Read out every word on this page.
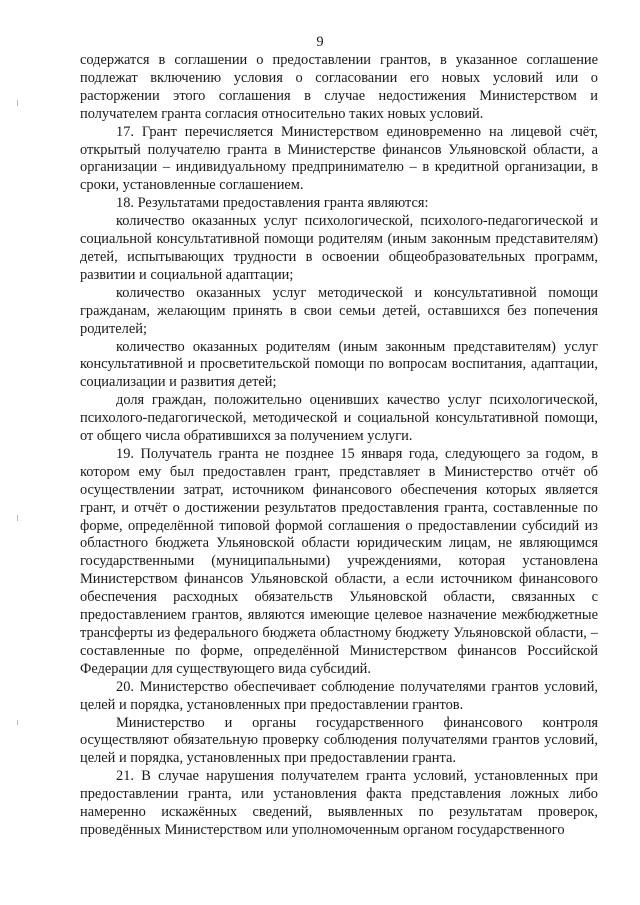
9

содержатся в соглашении о предоставлении грантов, в указанное соглашение подлежат включению условия о согласовании его новых условий или о расторжении этого соглашения в случае недостижения Министерством и получателем гранта согласия относительно таких новых условий.

17. Грант перечисляется Министерством единовременно на лицевой счёт, открытый получателю гранта в Министерстве финансов Ульяновской области, а организации – индивидуальному предпринимателю – в кредитной организации, в сроки, установленные соглашением.

18. Результатами предоставления гранта являются:

количество оказанных услуг психологической, психолого-педагогической и социальной консультативной помощи родителям (иным законным представителям) детей, испытывающих трудности в освоении общеобразовательных программ, развитии и социальной адаптации;

количество оказанных услуг методической и консультативной помощи гражданам, желающим принять в свои семьи детей, оставшихся без попечения родителей;

количество оказанных родителям (иным законным представителям) услуг консультативной и просветительской помощи по вопросам воспитания, адаптации, социализации и развития детей;

доля граждан, положительно оценивших качество услуг психологической, психолого-педагогической, методической и социальной консультативной помощи, от общего числа обратившихся за получением услуги.

19. Получатель гранта не позднее 15 января года, следующего за годом, в котором ему был предоставлен грант, представляет в Министерство отчёт об осуществлении затрат, источником финансового обеспечения которых является грант, и отчёт о достижении результатов предоставления гранта, составленные по форме, определённой типовой формой соглашения о предоставлении субсидий из областного бюджета Ульяновской области юридическим лицам, не являющимся государственными (муниципальными) учреждениями, которая установлена Министерством финансов Ульяновской области, а если источником финансового обеспечения расходных обязательств Ульяновской области, связанных с предоставлением грантов, являются имеющие целевое назначение межбюджетные трансферты из федерального бюджета областному бюджету Ульяновской области, – составленные по форме, определённой Министерством финансов Российской Федерации для существующего вида субсидий.

20. Министерство обеспечивает соблюдение получателями грантов условий, целей и порядка, установленных при предоставлении грантов.

Министерство и органы государственного финансового контроля осуществляют обязательную проверку соблюдения получателями грантов условий, целей и порядка, установленных при предоставлении гранта.

21. В случае нарушения получателем гранта условий, установленных при предоставлении гранта, или установления факта представления ложных либо намеренно искажённых сведений, выявленных по результатам проверок, проведённых Министерством или уполномоченным органом государственного
